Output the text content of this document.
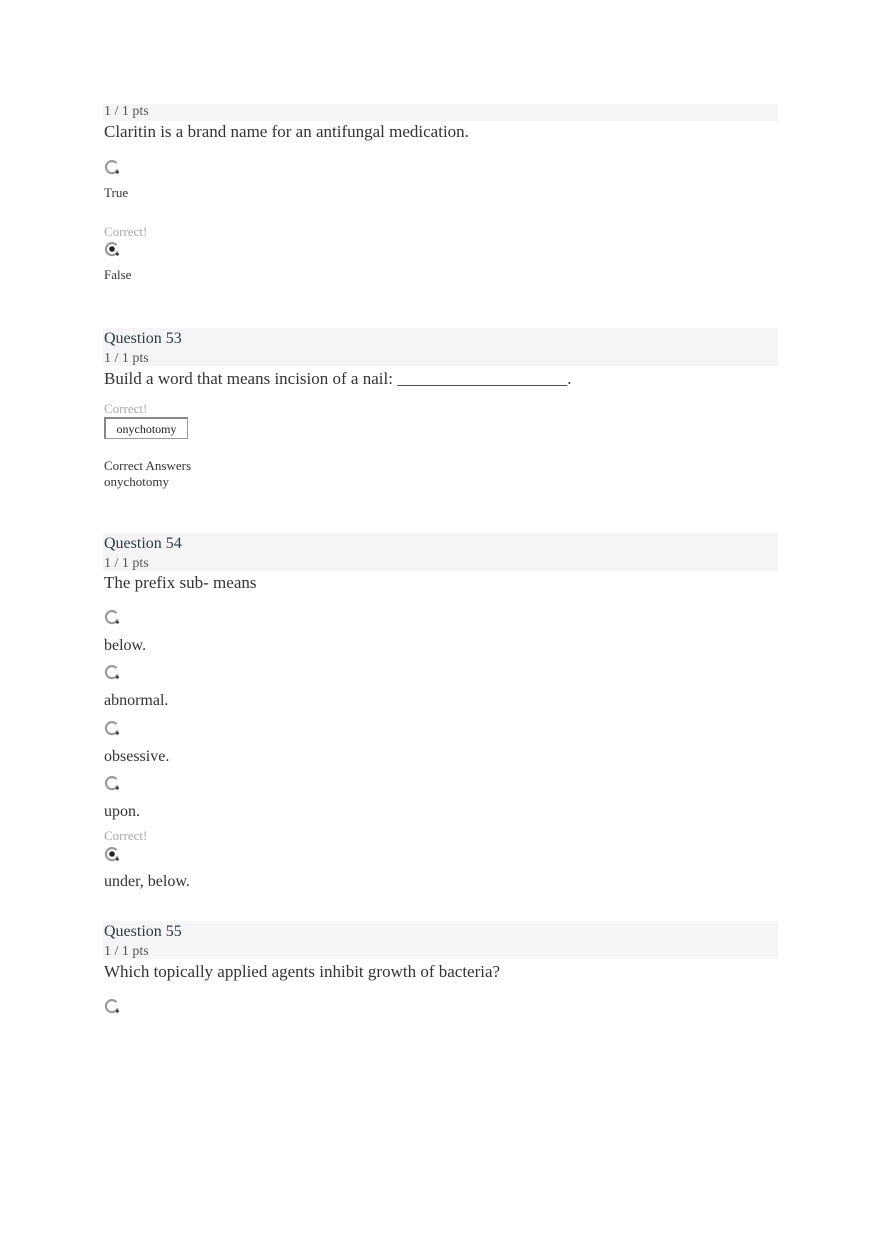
1 / 1 pts
Claritin is a brand name for an antifungal medication.
True
Correct!
False
Question 53
1 / 1 pts
Build a word that means incision of a nail: ____________________.
Correct!
onychotomy
Correct Answers
onychotomy
Question 54
1 / 1 pts
The prefix sub- means
below.
abnormal.
obsessive.
upon.
Correct!
under, below.
Question 55
1 / 1 pts
Which topically applied agents inhibit growth of bacteria?
